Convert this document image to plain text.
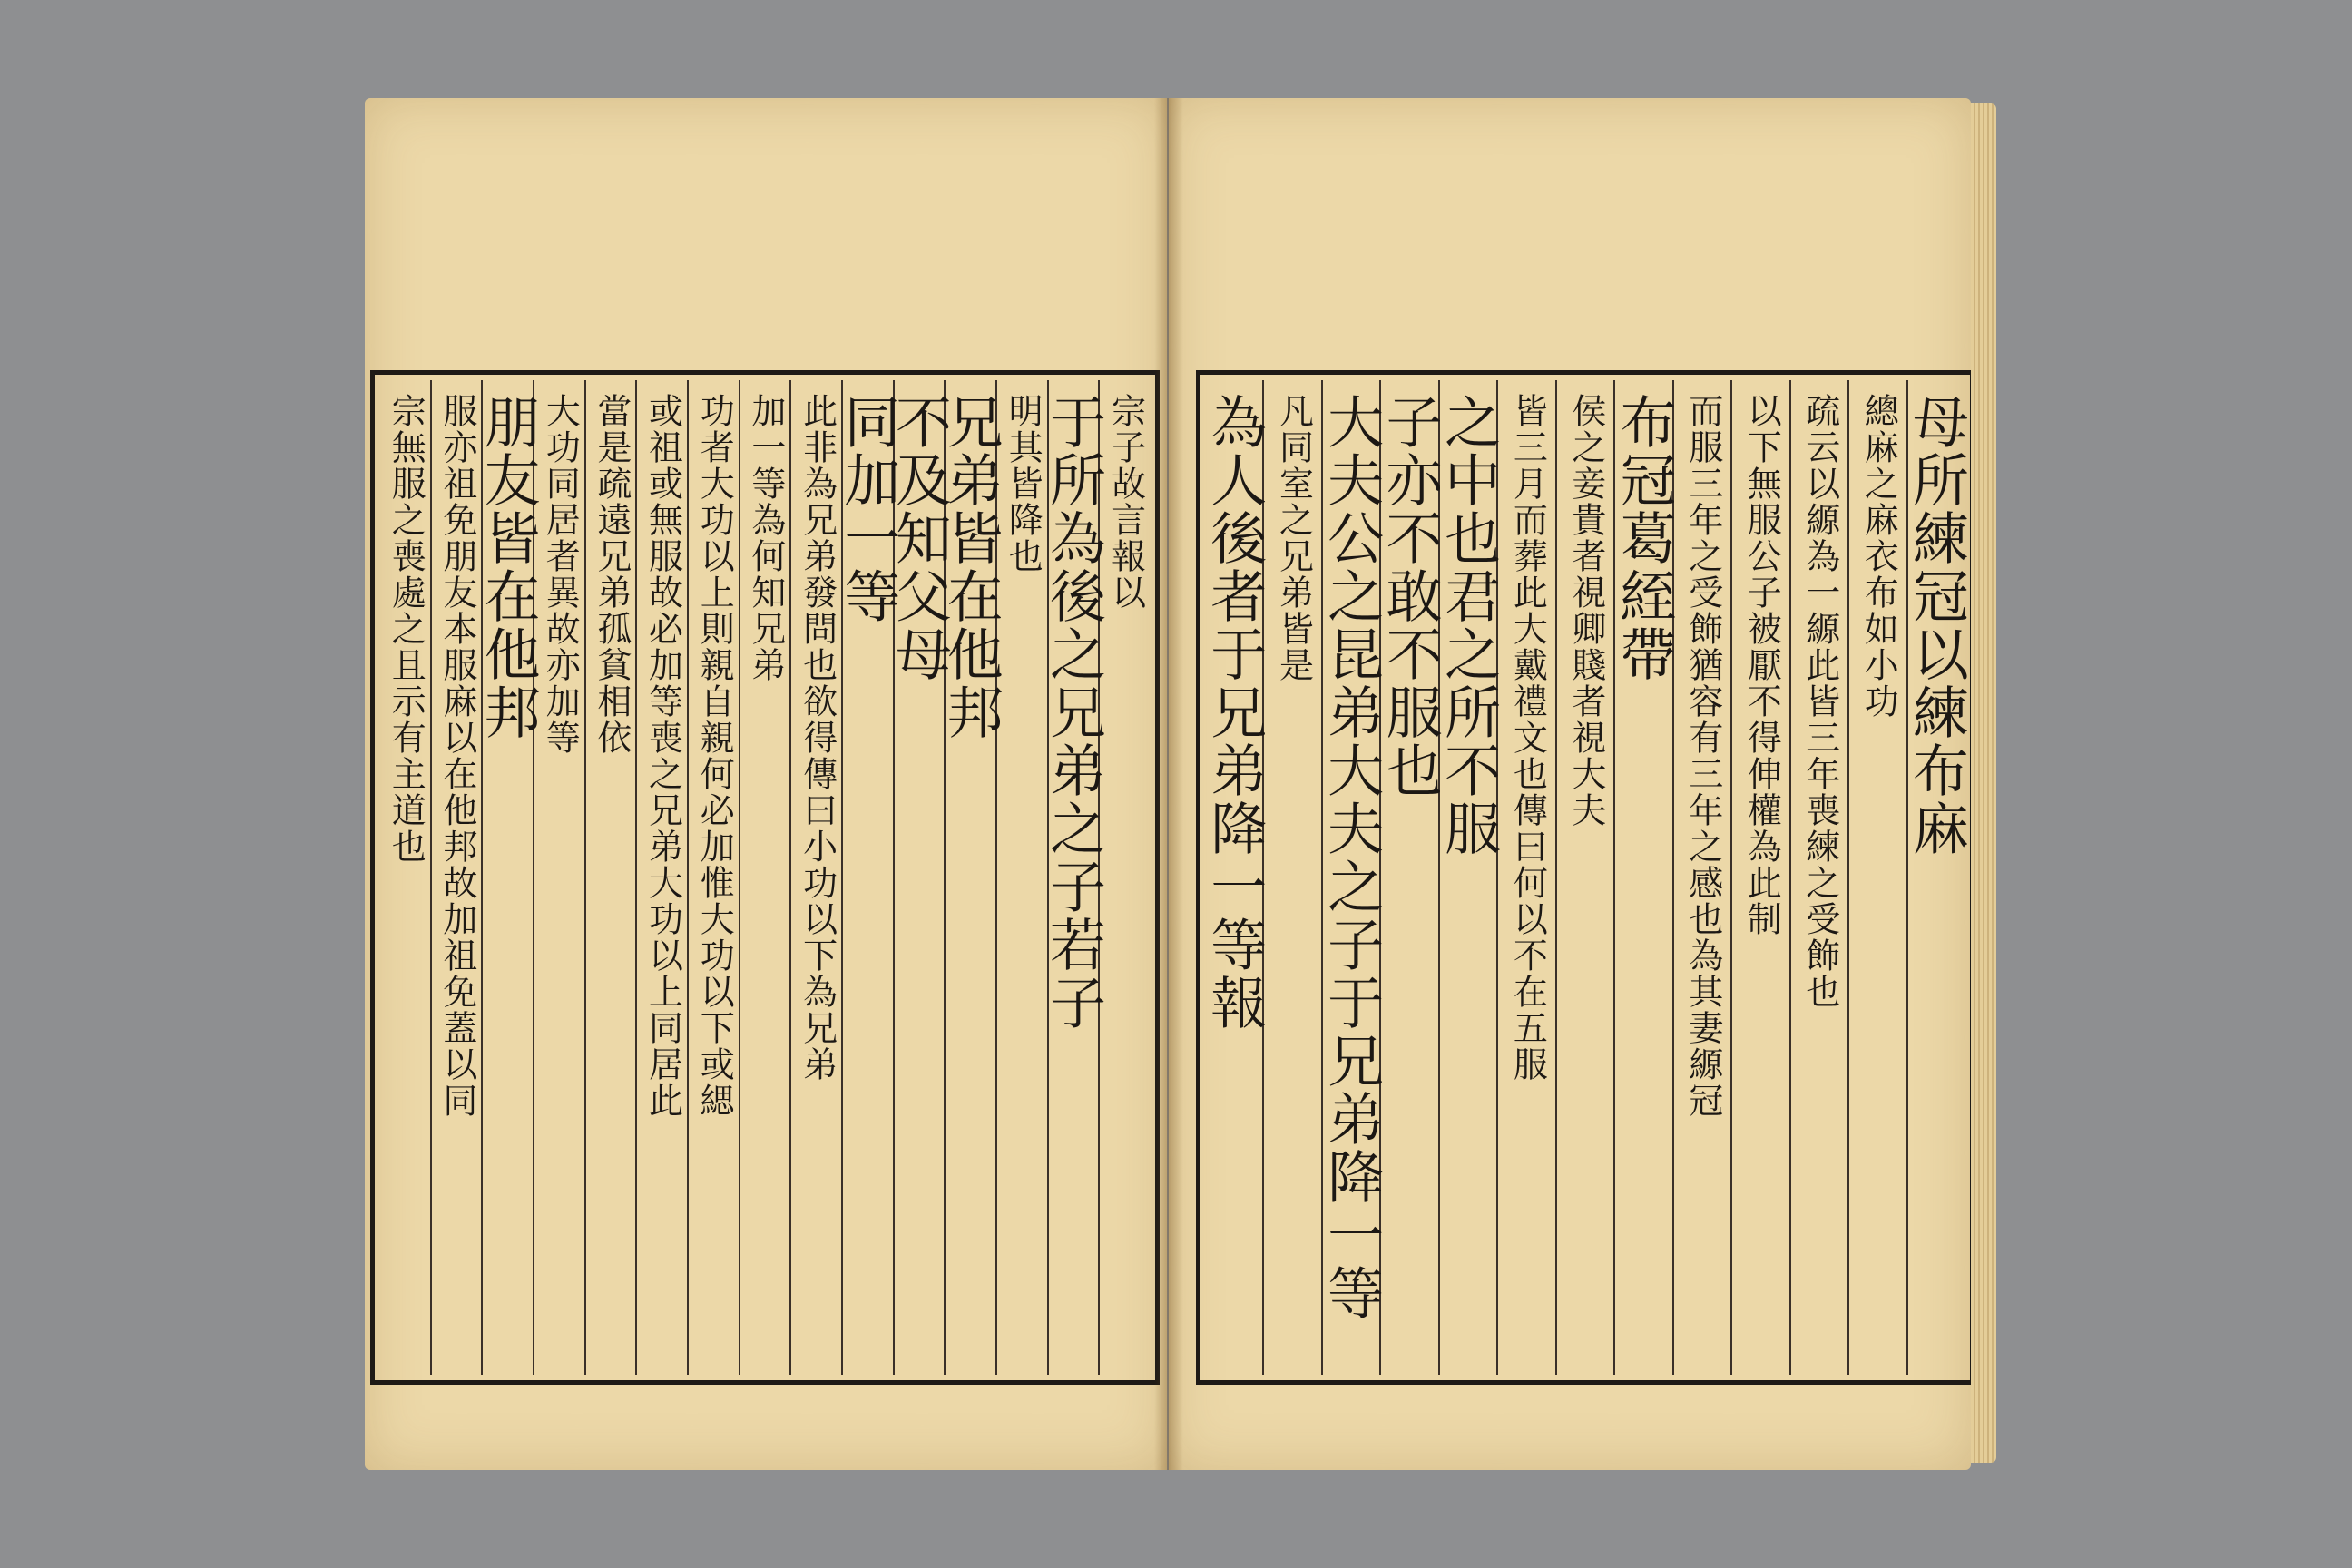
宗子故言報以
于所為後之兄弟之子若子
明其皆降也
兄弟皆在他邦
不及知父母
同加一等
此非為兄弟發問也欲得傳曰小功以下為兄弟
加一等為何知兄弟
功者大功以上則親自親何必加惟大功以下或緦
或祖或無服故必加等喪之兄弟大功以上同居此
當是疏遠兄弟孤貧相依
大功同居者異故亦加等
朋友皆在他邦
服亦祖免朋友本服麻以在他邦故加祖免蓋以同
宗無服之喪處之且示有主道也	母所練冠以練布麻
總麻之麻衣布如小功
疏云以縓為一縓此皆三年喪練之受飾也
以下無服公子被厭不得伸權為此制
而服三年之受飾猶容有三年之感也為其妻縓冠
布冠葛絰帶
侯之妾貴者視卿賤者視大夫
皆三月而葬此大戴禮文也傳曰何以不在五服
之中也君之所不服
子亦不敢不服也
大夫公之昆弟大夫之子于兄弟降一等
凡同室之兄弟皆是
為人後者于兄弟降一等報
